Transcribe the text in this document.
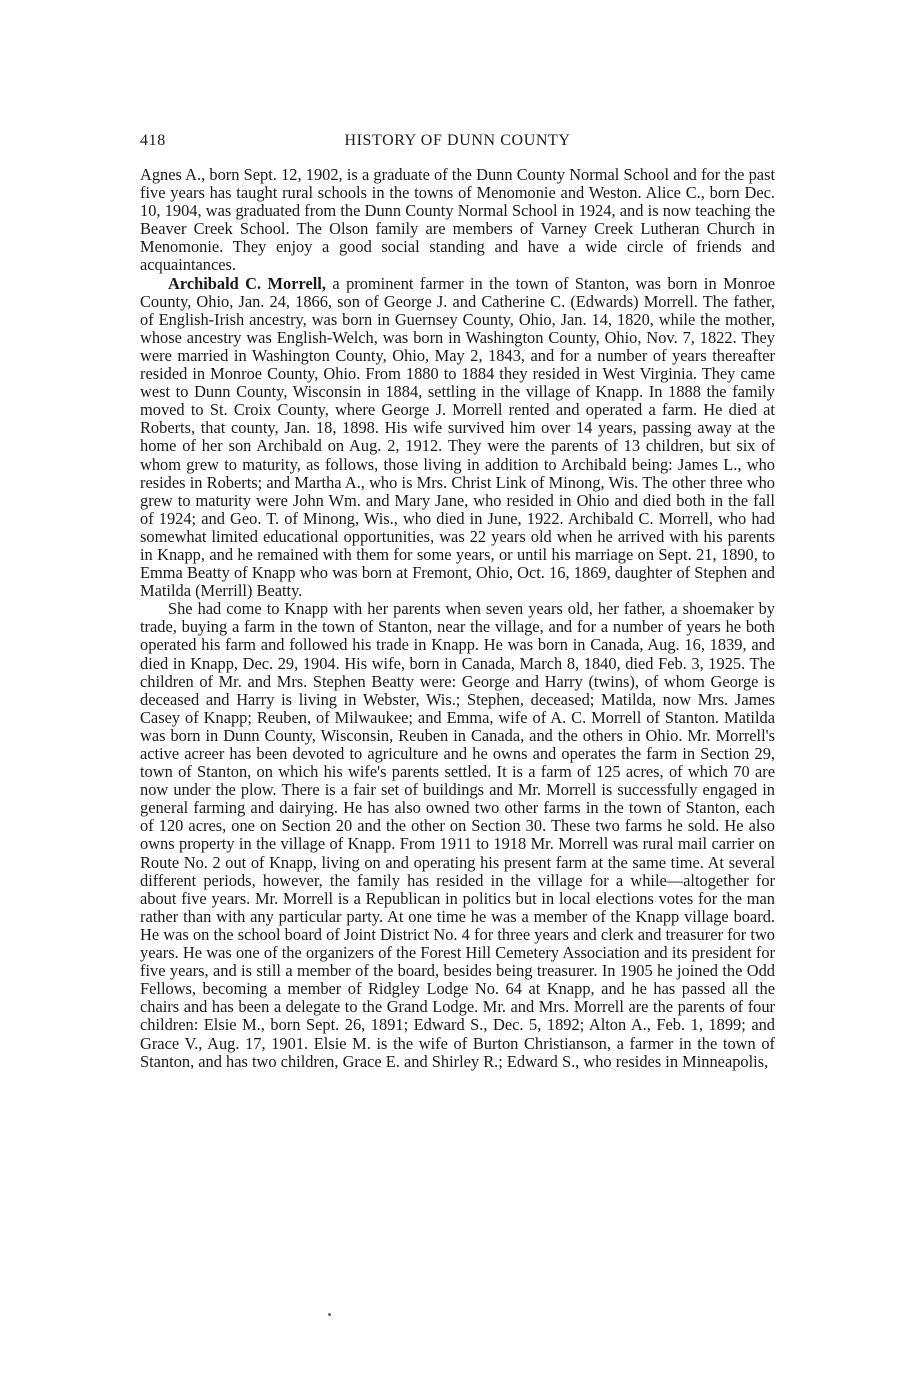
418	HISTORY OF DUNN COUNTY

Agnes A., born Sept. 12, 1902, is a graduate of the Dunn County Normal School and for the past five years has taught rural schools in the towns of Menomonie and Weston. Alice C., born Dec. 10, 1904, was graduated from the Dunn County Normal School in 1924, and is now teaching the Beaver Creek School. The Olson family are members of Varney Creek Lutheran Church in Menomonie. They enjoy a good social standing and have a wide circle of friends and acquaintances.

Archibald C. Morrell, a prominent farmer in the town of Stanton, was born in Monroe County, Ohio, Jan. 24, 1866, son of George J. and Catherine C. (Edwards) Morrell. The father, of English-Irish ancestry, was born in Guernsey County, Ohio, Jan. 14, 1820, while the mother, whose ancestry was English-Welch, was born in Washington County, Ohio, Nov. 7, 1822. They were married in Washington County, Ohio, May 2, 1843, and for a number of years thereafter resided in Monroe County, Ohio. From 1880 to 1884 they resided in West Virginia. They came west to Dunn County, Wisconsin in 1884, settling in the village of Knapp. In 1888 the family moved to St. Croix County, where George J. Morrell rented and operated a farm. He died at Roberts, that county, Jan. 18, 1898. His wife survived him over 14 years, passing away at the home of her son Archibald on Aug. 2, 1912. They were the parents of 13 children, but six of whom grew to maturity, as follows, those living in addition to Archibald being: James L., who resides in Roberts; and Martha A., who is Mrs. Christ Link of Minong, Wis. The other three who grew to maturity were John Wm. and Mary Jane, who resided in Ohio and died both in the fall of 1924; and Geo. T. of Minong, Wis., who died in June, 1922. Archibald C. Morrell, who had somewhat limited educational opportunities, was 22 years old when he arrived with his parents in Knapp, and he remained with them for some years, or until his marriage on Sept. 21, 1890, to Emma Beatty of Knapp who was born at Fremont, Ohio, Oct. 16, 1869, daughter of Stephen and Matilda (Merrill) Beatty.

She had come to Knapp with her parents when seven years old, her father, a shoemaker by trade, buying a farm in the town of Stanton, near the village, and for a number of years he both operated his farm and followed his trade in Knapp. He was born in Canada, Aug. 16, 1839, and died in Knapp, Dec. 29, 1904. His wife, born in Canada, March 8, 1840, died Feb. 3, 1925. The children of Mr. and Mrs. Stephen Beatty were: George and Harry (twins), of whom George is deceased and Harry is living in Webster, Wis.; Stephen, deceased; Matilda, now Mrs. James Casey of Knapp; Reuben, of Milwaukee; and Emma, wife of A. C. Morrell of Stanton. Matilda was born in Dunn County, Wisconsin, Reuben in Canada, and the others in Ohio. Mr. Morrell's active acreer has been devoted to agriculture and he owns and operates the farm in Section 29, town of Stanton, on which his wife's parents settled. It is a farm of 125 acres, of which 70 are now under the plow. There is a fair set of buildings and Mr. Morrell is successfully engaged in general farming and dairying. He has also owned two other farms in the town of Stanton, each of 120 acres, one on Section 20 and the other on Section 30. These two farms he sold. He also owns property in the village of Knapp. From 1911 to 1918 Mr. Morrell was rural mail carrier on Route No. 2 out of Knapp, living on and operating his present farm at the same time. At several different periods, however, the family has resided in the village for a while—altogether for about five years. Mr. Morrell is a Republican in politics but in local elections votes for the man rather than with any particular party. At one time he was a member of the Knapp village board. He was on the school board of Joint District No. 4 for three years and clerk and treasurer for two years. He was one of the organizers of the Forest Hill Cemetery Association and its president for five years, and is still a member of the board, besides being treasurer. In 1905 he joined the Odd Fellows, becoming a member of Ridgley Lodge No. 64 at Knapp, and he has passed all the chairs and has been a delegate to the Grand Lodge. Mr. and Mrs. Morrell are the parents of four children: Elsie M., born Sept. 26, 1891; Edward S., Dec. 5, 1892; Alton A., Feb. 1, 1899; and Grace V., Aug. 17, 1901. Elsie M. is the wife of Burton Christianson, a farmer in the town of Stanton, and has two children, Grace E. and Shirley R.; Edward S., who resides in Minneapolis,
